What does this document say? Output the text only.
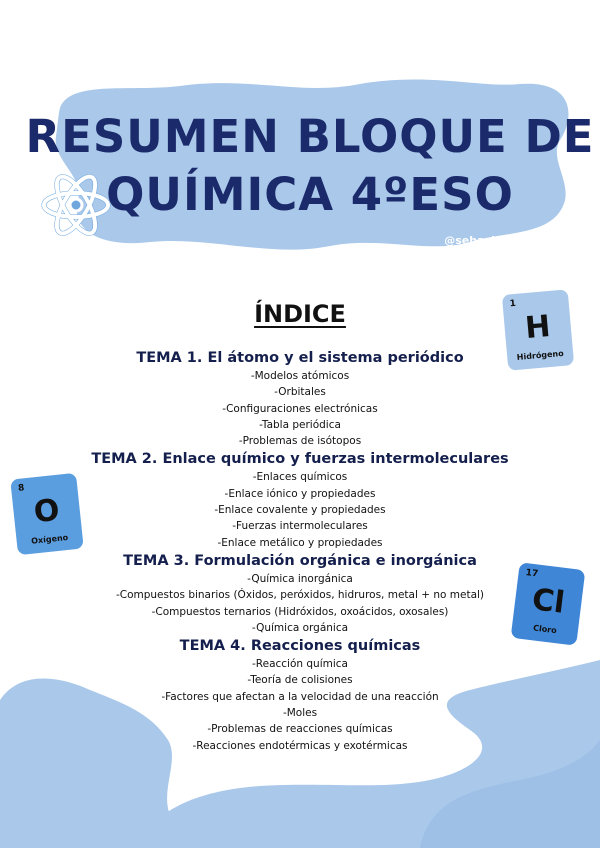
RESUMEN BLOQUE DE
QUÍMICA 4ºESO
@sebashob3
ÍNDICE
TEMA 1. El átomo y el sistema periódico
-Modelos atómicos
-Orbitales
-Configuraciones electrónicas
-Tabla periódica
-Problemas de isótopos
TEMA 2. Enlace químico y fuerzas intermoleculares
-Enlaces químicos
-Enlace iónico y propiedades
-Enlace covalente y propiedades
-Fuerzas intermoleculares
-Enlace metálico y propiedades
TEMA 3. Formulación orgánica e inorgánica
-Química inorgánica
-Compuestos binarios (Óxidos, peróxidos, hidruros, metal + no metal)
-Compuestos ternarios (Hidróxidos, oxoácidos, oxosales)
-Química orgánica
TEMA 4. Reacciones químicas
-Reacción química
-Teoría de colisiones
-Factores que afectan a la velocidad de una reacción
-Moles
-Problemas de reacciones químicas
-Reacciones endotérmicas y exotérmicas
1
H
Hidrógeno
8
O
Oxígeno
17
Cl
Cloro
